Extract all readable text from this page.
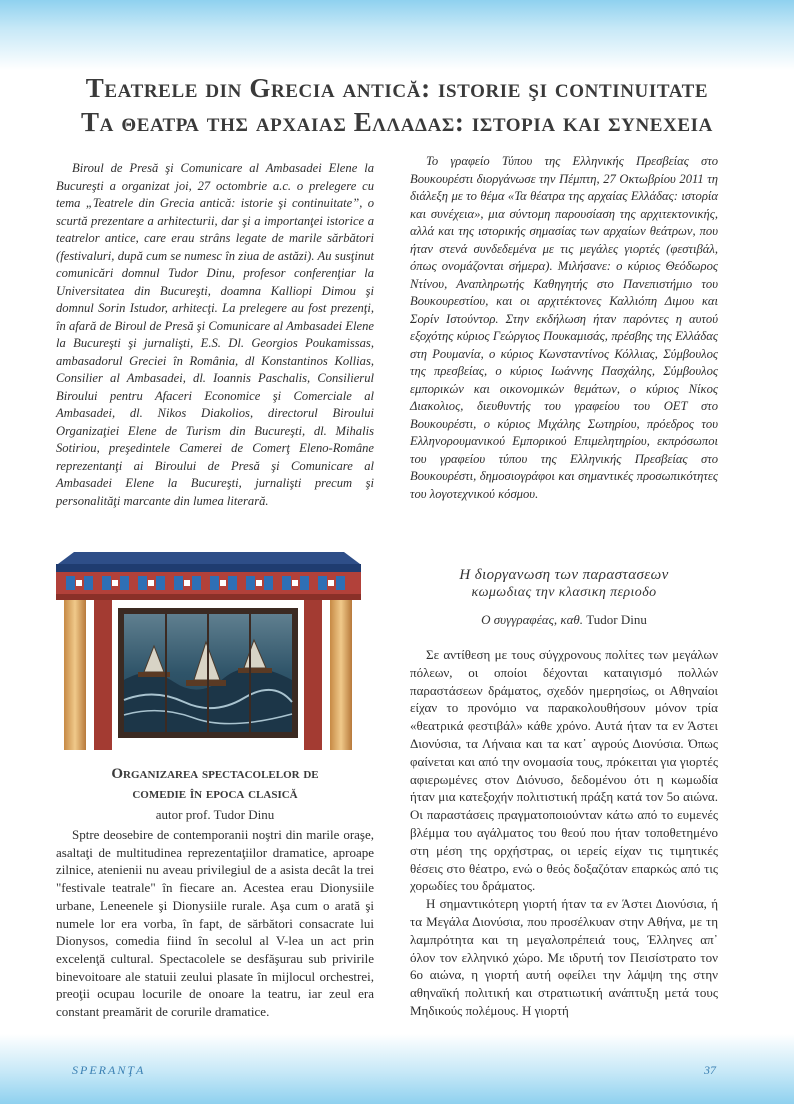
Teatrele din Grecia antică: istorie şi continuitate
Τα θεατρα της αρχαιας Ελλαδας: ιστορια και συνεχεια

Biroul de Presă şi Comunicare al Ambasadei Elene la Bucureşti a organizat joi, 27 octombrie a.c. o prelegere cu tema „Teatrele din Grecia antică: istorie şi continuitate”, o scurtă prezentare a arhitecturii, dar şi a importanţei istorice a teatrelor antice, care erau strâns legate de marile sărbători (festivaluri, după cum se numesc în ziua de astăzi). Au susţinut comunicări domnul Tudor Dinu, profesor conferenţiar la Universitatea din Bucureşti, doamna Kalliopi Dimou şi domnul Sorin Istudor, arhitecţi. La prelegere au fost prezenţi, în afară de Biroul de Presă şi Comunicare al Ambasadei Elene la Bucureşti şi jurnalişti, E.S. Dl. Georgios Poukamissas, ambasadorul Greciei în România, dl Konstantinos Kollias, Consilier al Ambasadei, dl. Ioannis Paschalis, Consilierul Biroului pentru Afaceri Economice şi Comerciale al Ambasadei, dl. Nikos Diakolios, directorul Biroului Organizaţiei Elene de Turism din Bucureşti, dl. Mihalis Sotiriou, preşedintele Camerei de Comerţ Eleno-Române reprezentanţi ai Biroului de Presă şi Comunicare al Ambasadei Elene la Bucureşti, jurnalişti precum şi personalităţi marcante din lumea literară.

Το γραφείο Τύπου της Ελληνικής Πρεσβείας στο Βουκουρέστι διοργάνωσε την Πέμπτη, 27 Οκτωβρίου 2011 τη διάλεξη με το θέμα «Τα θέατρα της αρχαίας Ελλάδας: ιστορία και συνέχεια», μια σύντομη παρουσίαση της αρχιτεκτονικής, αλλά και της ιστορικής σημασίας των αρχαίων θεάτρων, που ήταν στενά συνδεδεμένα με τις μεγάλες γιορτές (φεστιβάλ, όπως ονομάζονται σήμερα). Μιλήσανε: ο κύριος Θεόδωρος Ντίνου, Αναπληρωτής Καθηγητής στο Πανεπιστήμιο του Βουκουρεστίου, και οι αρχιτέκτονες Καλλιόπη Διμου και Σορίν Ιστούντορ. Στην εκδήλωση ήταν παρόντες η αυτού εξοχότης κύριος Γεώργιος Πουκαμισάς, πρέσβης της Ελλάδας στη Ρουμανία, ο κύριος Κωνσταντίνος Κόλλιας, Σύμβουλος της πρεσβείας, ο κύριος Ιωάννης Πασχάλης, Σύμβουλος εμπορικών και οικονομικών θεμάτων, ο κύριος Νίκος Διακολιος, διευθυντής του γραφείου του ΟΕΤ στο Βουκουρέστι, ο κύριος Μιχάλης Σωτηρίου, πρόεδρος του Ελληνορουμανικού Εμπορικού Επιμελητηρίου, εκπρόσωποι του γραφείου τύπου της Ελληνικής Πρεσβείας στο Βουκουρέστι, δημοσιογράφοι και σημαντικές προσωπικότητες του λογοτεχνικού κόσμου.

Organizarea spectacolelor de
comedie în epoca clasică
autor prof. Tudor Dinu

Sptre deosebire de contemporanii noştri din marile oraşe, asaltaţi de multitudinea reprezentaţiilor dramatice, aproape zilnice, atenienii nu aveau privilegiul de a asista decât la trei "festivale teatrale" în fiecare an. Acestea erau Dionysiile urbane, Leneenele şi Dionysiile rurale. Aşa cum o arată şi numele lor era vorba, în fapt, de sărbători consacrate lui Dionysos, comedia fiind în secolul al V-lea un act prin excelenţă cultural. Spectacolele se desfăşurau sub privirile binevoitoare ale statuii zeului plasate în mijlocul orchestrei, preoţii ocupau locurile de onoare la teatru, iar zeul era constant preamărit de corurile dramatice.

Η διοργανωση των παραστασεων
κωμωδιας την κλασικη περιοδο
Ο συγγραφέας, καθ. Tudor Dinu

Σε αντίθεση με τους σύγχρονους πολίτες των μεγάλων πόλεων, οι οποίοι δέχονται καταιγισμό πολλών παραστάσεων δράματος, σχεδόν ημερησίως, οι Αθηναίοι είχαν το προνόμιο να παρακολουθήσουν μόνον τρία «θεατρικά φεστιβάλ» κάθε χρόνο. Αυτά ήταν τα εν Άστει Διονύσια, τα Λήναια και τα κατ᾽ αγρούς Διονύσια. Όπως φαίνεται και από την ονομασία τους, πρόκειται για γιορτές αφιερωμένες στον Διόνυσο, δεδομένου ότι η κωμωδία ήταν μια κατεξοχήν πολιτιστική πράξη κατά τον 5ο αιώνα. Οι παραστάσεις πραγματοποιούνταν κάτω από το ευμενές βλέμμα του αγάλματος του θεού που ήταν τοποθετημένο στη μέση της ορχήστρας, οι ιερείς είχαν τις τιμητικές θέσεις στο θέατρο, ενώ ο θεός δοξαζόταν επαρκώς από τις χορωδίες του δράματος.

Η σημαντικότερη γιορτή ήταν τα εν Άστει Διονύσια, ή τα Μεγάλα Διονύσια, που προσέλκυαν στην Αθήνα, με τη λαμπρότητα και τη μεγαλοπρέπειά τους, Έλληνες απ᾽ όλον τον ελληνικό χώρο. Με ιδρυτή τον Πεισίστρατο τον 6ο αιώνα, η γιορτή αυτή οφείλει την λάμψη της στην αθηναϊκή πολιτική και στρατιωτική ανάπτυξη μετά τους Μηδικούς πολέμους. Η γιορτή

SPERANŢA	37
